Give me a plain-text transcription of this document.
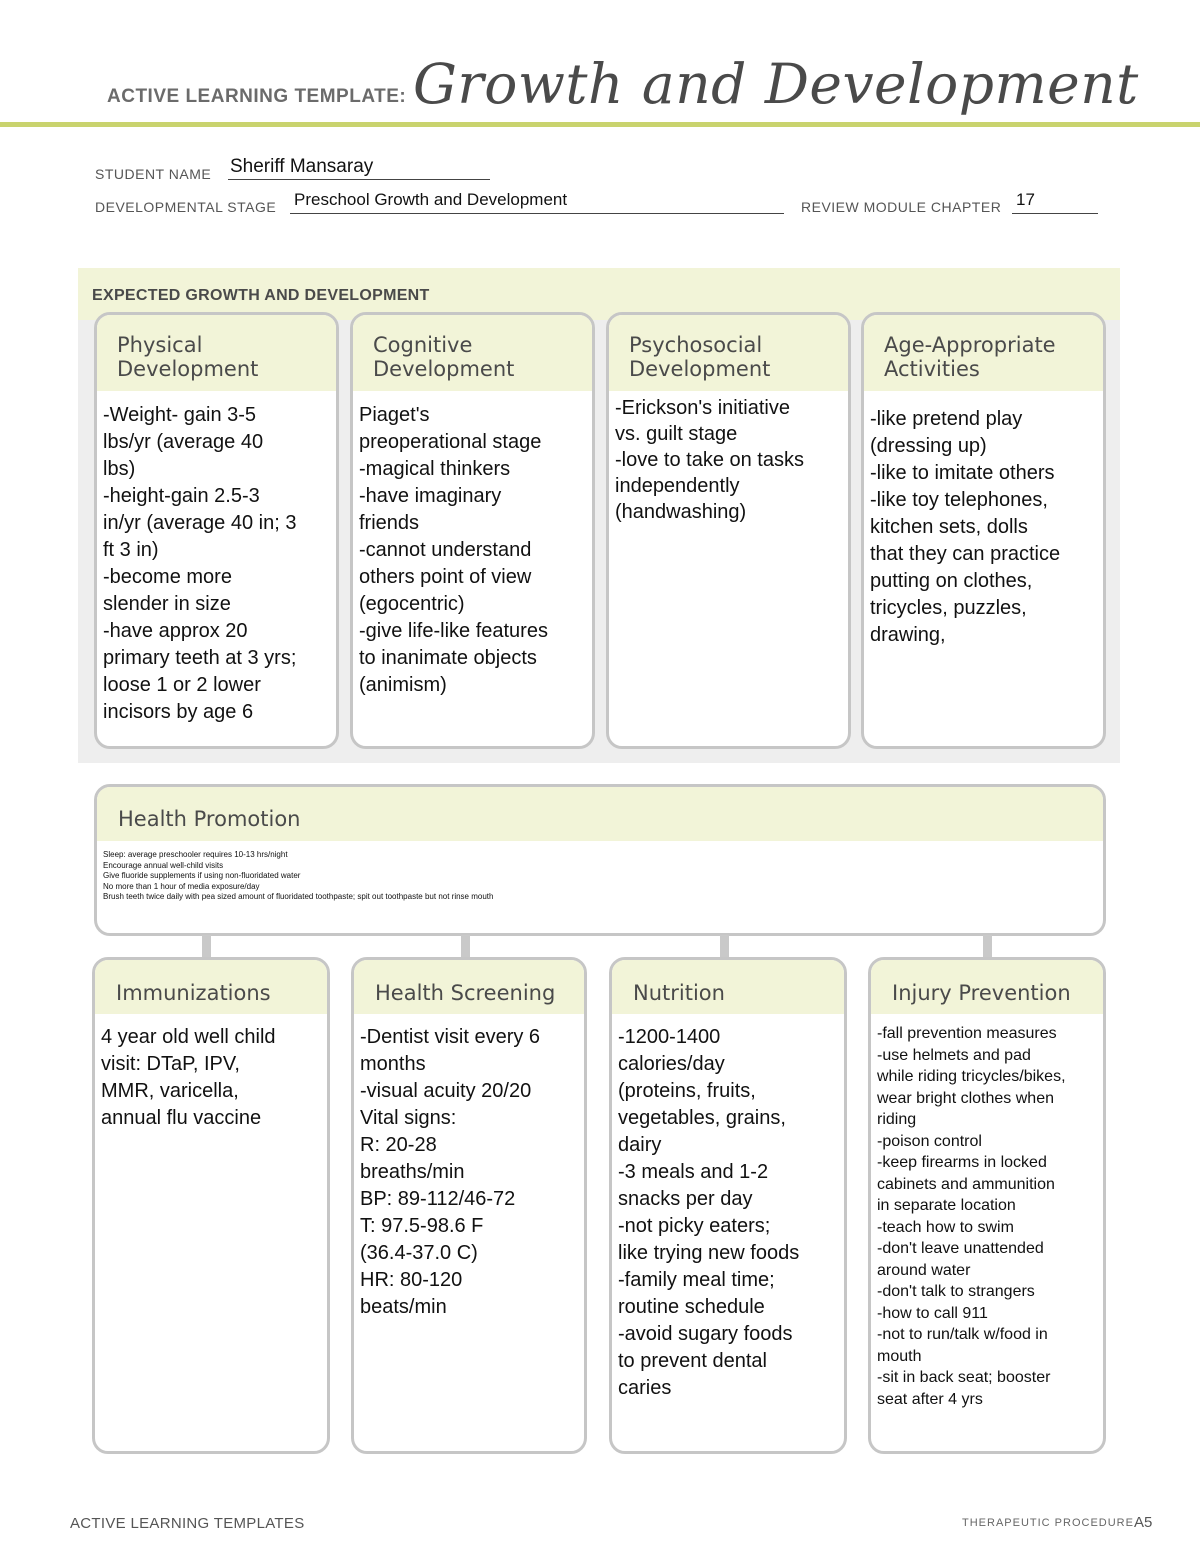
ACTIVE LEARNING TEMPLATE: Growth and Development
STUDENT NAME Sheriff Mansaray
DEVELOPMENTAL STAGE Preschool Growth and Development	REVIEW MODULE CHAPTER 17
EXPECTED GROWTH AND DEVELOPMENT
Physical
Development
-Weight- gain 3-5
lbs/yr (average 40
lbs)
-height-gain 2.5-3
in/yr (average 40 in; 3
ft 3 in)
-become more
slender in size
-have approx 20
primary teeth at 3 yrs;
loose 1 or 2 lower
incisors by age 6
Cognitive
Development
Piaget's
preoperational stage
-magical thinkers
-have imaginary
friends
-cannot understand
others point of view
(egocentric)
-give life-like features
to inanimate objects
(animism)
Psychosocial
Development
-Erickson's initiative
vs. guilt stage
-love to take on tasks
independently
(handwashing)
Age-Appropriate
Activities
-like pretend play
(dressing up)
-like to imitate others
-like toy telephones,
kitchen sets, dolls
that they can practice
putting on clothes,
tricycles, puzzles,
drawing,
Health Promotion
Sleep: average preschooler requires 10-13 hrs/night
Encourage annual well-child visits
Give fluoride supplements if using non-fluoridated water
No more than 1 hour of media exposure/day
Brush teeth twice daily with pea sized amount of fluoridated toothpaste; spit out toothpaste but not rinse mouth
Immunizations
4 year old well child
visit: DTaP, IPV,
MMR, varicella,
annual flu vaccine
Health Screening
-Dentist visit every 6
months
-visual acuity 20/20
Vital signs:
R: 20-28
breaths/min
BP: 89-112/46-72
T: 97.5-98.6 F
(36.4-37.0 C)
HR: 80-120
beats/min
Nutrition
-1200-1400
calories/day
(proteins, fruits,
vegetables, grains,
dairy
-3 meals and 1-2
snacks per day
-not picky eaters;
like trying new foods
-family meal time;
routine schedule
-avoid sugary foods
to prevent dental
caries
Injury Prevention
-fall prevention measures
-use helmets and pad
while riding tricycles/bikes,
wear bright clothes when
riding
-poison control
-keep firearms in locked
cabinets and ammunition
in separate location
-teach how to swim
-don't leave unattended
around water
-don't talk to strangers
-how to call 911
-not to run/talk w/food in
mouth
-sit in back seat; booster
seat after 4 yrs
ACTIVE LEARNING TEMPLATES	THERAPEUTIC PROCEDURE A5
